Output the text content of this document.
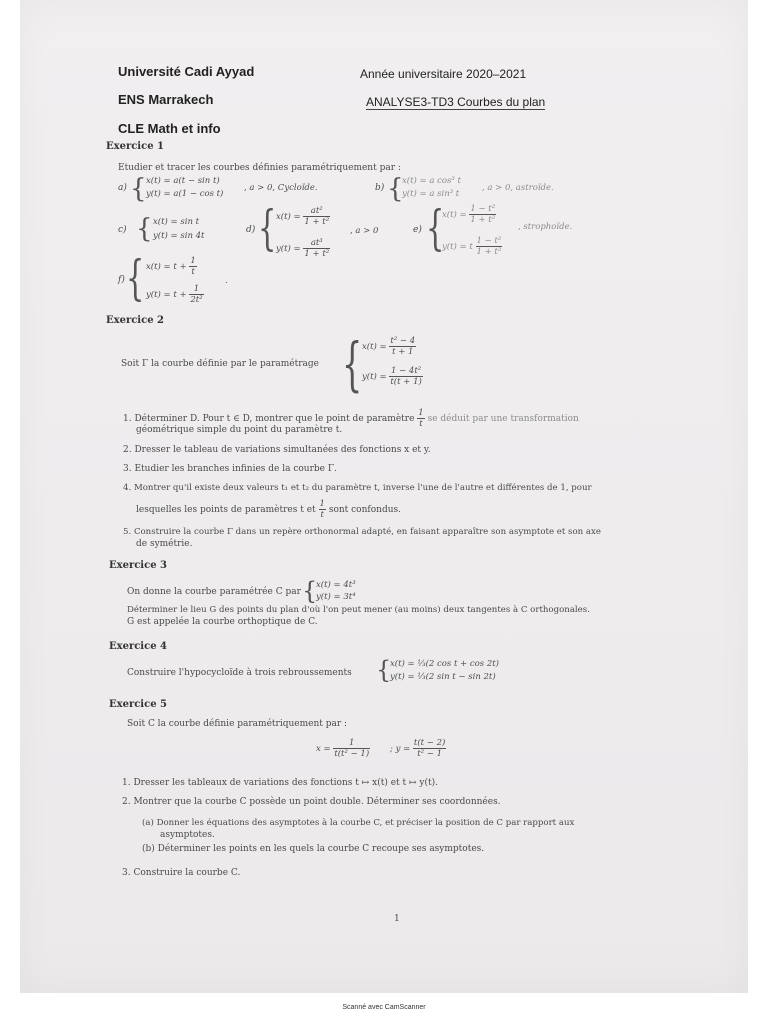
Université Cadi Ayyad
ENS Marrakech
CLE Math et info
Année universitaire 2020–2021
ANALYSE3-TD3 Courbes du plan
Exercice 1
Etudier et tracer les courbes définies paramétriquement par :
a) { x(t) = a(t − sin t)
y(t) = a(1 − cos t)
, a > 0, Cycloïde.	b) {
x(t) = a cos³ t
y(t) = a sin³ t
, a > 0, astroïde.
c) { x(t) = sin t
y(t) = sin 4t
d) { $x(t) = \frac{\text{at²}}{\text{1 + t²}}$
$y(t) = \frac{\text{at³}}{\text{1 + t²}}$
, a > 0	e) {
$x(t) = \frac{\text{1 − t²}}{\text{1 + t²}}$
y(t) = t $\frac{\text{1 − t²}}{\text{1 + t²}}$
, strophoïde.
f) { $x(t) = t + \frac{1}{t}$
$y(t) = t + \frac{1}{\text{2t²}}$
.
Exercice 2
Soit Γ la courbe définie par le paramétrage { $x(t) = \frac{\text{t² − 4}}{t + 1}$
$y(t) = \frac{\text{1 − 4t²}}{t(t + 1)}$
1. Déterminer D. Pour t ∈ D, montrer que le point de paramètre $\frac{1}{t}$ se déduit par une transformation
géométrique simple du point du paramètre t.
2. Dresser le tableau de variations simultanées des fonctions x et y.
3. Etudier les branches infinies de la courbe Γ.
4. Montrer qu'il existe deux valeurs t₁ et t₂ du paramètre t, inverse l'une de l'autre et différentes de 1, pour
lesquelles les points de paramètres t et $\frac{1}{t}$ sont confondus.
5. Construire la courbe Γ dans un repère orthonormal adapté, en faisant apparaître son asymptote et son axe
de symétrie.
Exercice 3
On donne la courbe paramétrée C par {
x(t) = 4t³
y(t) = 3t⁴
Déterminer le lieu G des points du plan d'où l'on peut mener (au moins) deux tangentes à C orthogonales.
G est appelée la courbe orthoptique de C.
Exercice 4
Construire l'hypocycloïde à trois rebroussements {
x(t) = ⅓(2 cos t + cos 2t)
y(t) = ⅓(2 sin t − sin 2t)
Exercice 5
Soit C la courbe définie paramétriquement par :
$x = \frac{1}{\text{t(t² − 1)}}$ ; $y = \frac{t(t - 2)}{\text{t² − 1}}$
1. Dresser les tableaux de variations des fonctions t ↦ x(t) et t ↦ y(t).
2. Montrer que la courbe C possède un point double. Déterminer ses coordonnées.
(a) Donner les équations des asymptotes à la courbe C, et préciser la position de C par rapport aux
asymptotes.
(b) Déterminer les points en les quels la courbe C recoupe ses asymptotes.
3. Construire la courbe C.
1
Scanné avec CamScanner
